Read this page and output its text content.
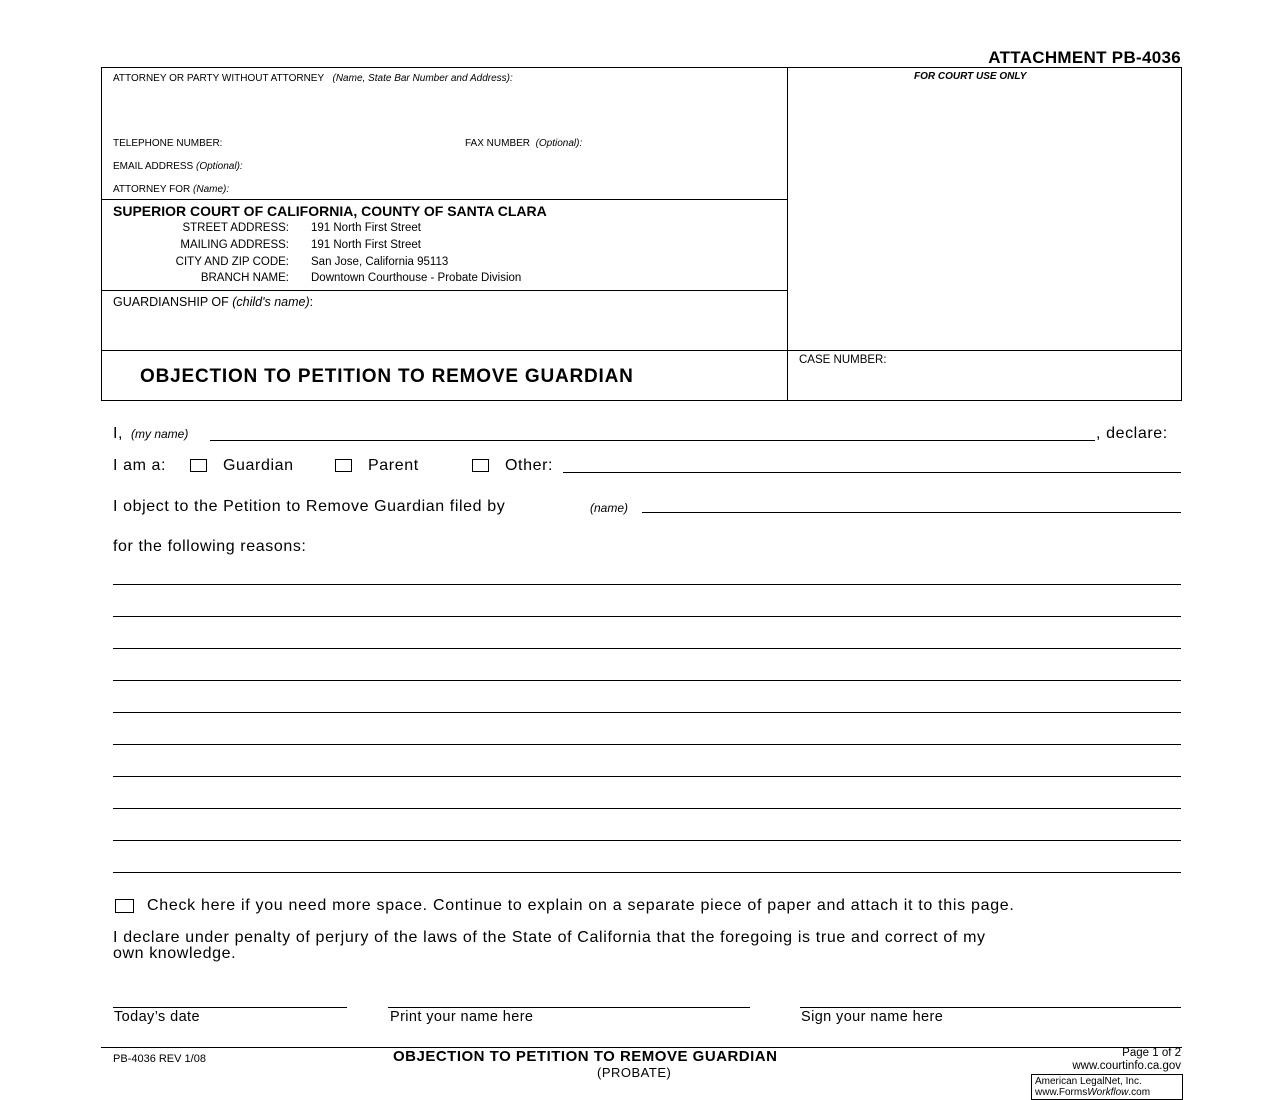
ATTACHMENT PB-4036
ATTORNEY OR PARTY WITHOUT ATTORNEY (Name, State Bar Number and Address):	FOR COURT USE ONLY
TELEPHONE NUMBER:	FAX NUMBER (Optional):
EMAIL ADDRESS (Optional):
ATTORNEY FOR (Name):
SUPERIOR COURT OF CALIFORNIA, COUNTY OF SANTA CLARA
STREET ADDRESS: 191 North First Street
MAILING ADDRESS: 191 North First Street
CITY AND ZIP CODE: San Jose, California 95113
BRANCH NAME: Downtown Courthouse - Probate Division
GUARDIANSHIP OF (child's name):
OBJECTION TO PETITION TO REMOVE GUARDIAN
CASE NUMBER:
I, (my name)	, declare:
I am a:	Guardian	Parent	Other:
I object to the Petition to Remove Guardian filed by	(name)
for the following reasons:
Check here if you need more space. Continue to explain on a separate piece of paper and attach it to this page.
I declare under penalty of perjury of the laws of the State of California that the foregoing is true and correct of my
own knowledge.
Today’s date	Print your name here	Sign your name here
PB-4036 REV 1/08	OBJECTION TO PETITION TO REMOVE GUARDIAN
(PROBATE)
Page 1 of 2
www.courtinfo.ca.gov
American LegalNet, Inc.
www.FormsWorkflow.com
